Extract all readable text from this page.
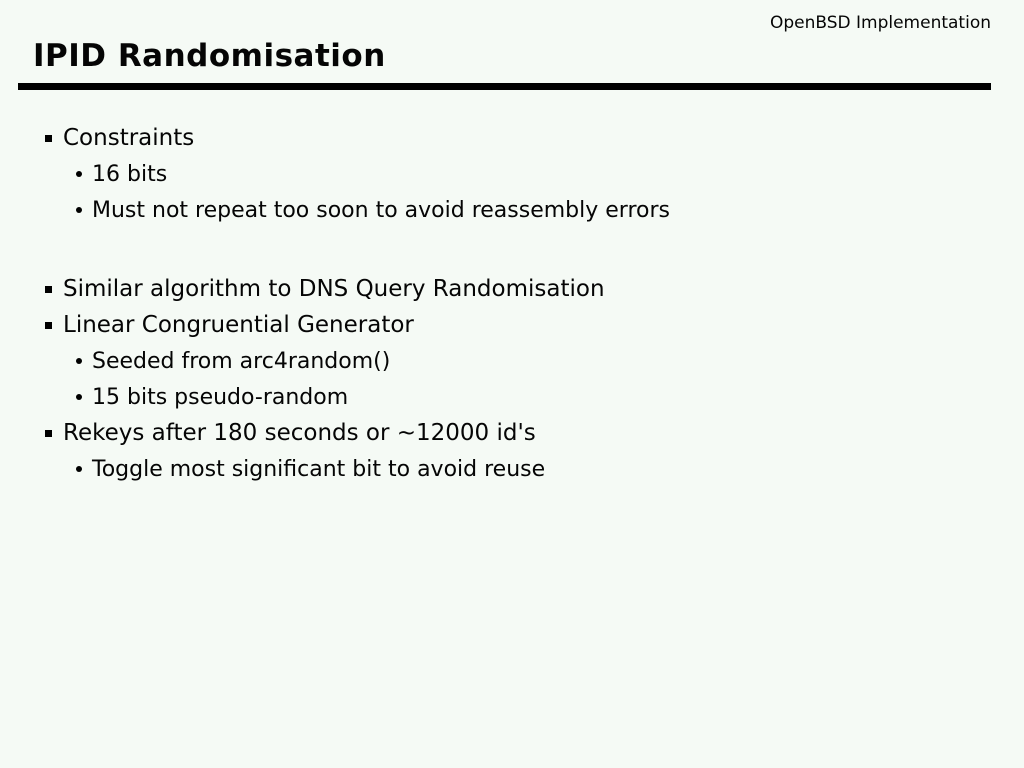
OpenBSD Implementation
IPID Randomisation
Constraints
16 bits
Must not repeat too soon to avoid reassembly errors
Similar algorithm to DNS Query Randomisation
Linear Congruential Generator
Seeded from arc4random()
15 bits pseudo-random
Rekeys after 180 seconds or ~12000 id's
Toggle most significant bit to avoid reuse
